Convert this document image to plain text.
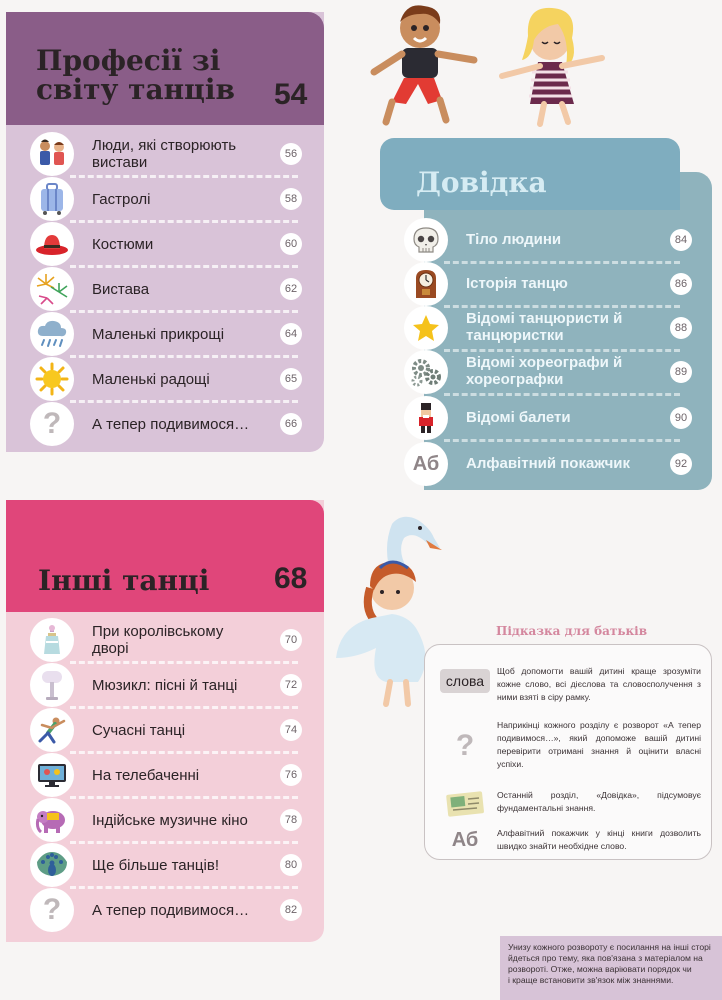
Професії зі
світу танців 54
Люди, які створюють вистави	56
Гастролі	58
Костюми	60
Вистава	62
Маленькі прикрощі	64
Маленькі радощі	65
? А тепер подивимося…	66
Довідка
Тіло людини	84
Історія танцю	86
Відомі танцюристи й танцюристки	88
Відомі хореографи й хореографки	89
Відомі балети	90
Аб Алфавітний покажчик	92
Інші танці 68
При королівському дворі	70
Мюзикл: пісні й танці	72
Сучасні танці	74
На телебаченні	76
Індійське музичне кіно	78
Ще більше танців!	80
? А тепер подивимося…	82
Підказка для батьків
слова
Щоб допомогти вашій дитині краще зрозуміти кожне слово, всі дієслова та словосполучення з ними взяті в сіру рамку.
?
Наприкінці кожного розділу є розворот «А тепер подивимося…», який допоможе вашій дитині перевірити отримані знання й оцінити власні успіхи.
Останній розділ, «Довідка», підсумовує фундаментальні знання.
Аб Алфавітний покажчик у кінці книги дозволить швидко знайти необхідне слово.
Унизу кожного розвороту є посилання на інші сторі
йдеться про тему, яка пов'язана з матеріалом на
розвороті. Отже, можна варіювати порядок чи
і краще встановити зв'язок між знаннями.
